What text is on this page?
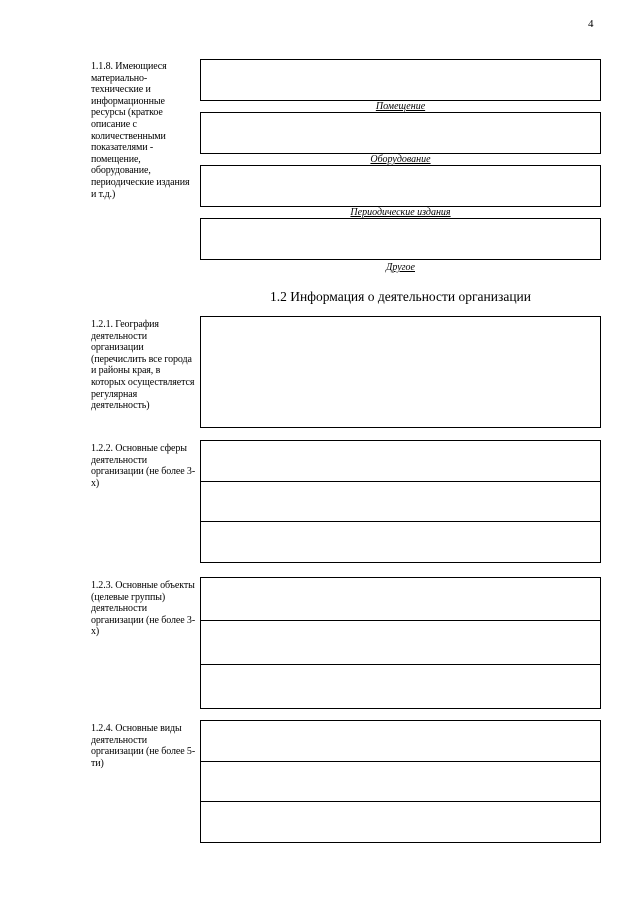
4
1.1.8. Имеющиеся материально-технические и информационные ресурсы (краткое описание с количественными показателями - помещение, оборудование, периодические издания и т.д.)
Помещение
Оборудование
Периодические издания
Другое
1.2 Информация о деятельности организации
1.2.1. География деятельности организации (перечислить все города и районы края, в которых осуществляется регулярная деятельность)
1.2.2. Основные сферы деятельности организации (не более 3-х)
1.2.3. Основные объекты (целевые группы) деятельности организации (не более 3-х)
1.2.4. Основные виды деятельности организации (не более 5-ти)
